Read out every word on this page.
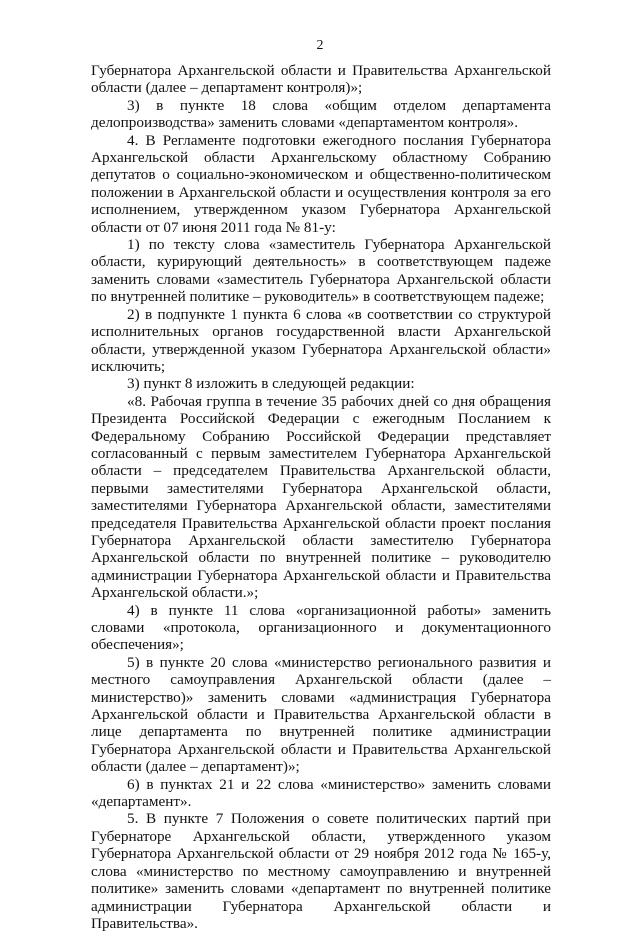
2

Губернатора Архангельской области и Правительства Архангельской области (далее – департамент контроля)»;

3) в пункте 18 слова «общим отделом департамента делопроизводства» заменить словами «департаментом контроля».

4. В Регламенте подготовки ежегодного послания Губернатора Архангельской области Архангельскому областному Собранию депутатов о социально-экономическом и общественно-политическом положении в Архангельской области и осуществления контроля за его исполнением, утвержденном указом Губернатора Архангельской области от 07 июня 2011 года № 81-у:

1) по тексту слова «заместитель Губернатора Архангельской области, курирующий деятельность» в соответствующем падеже заменить словами «заместитель Губернатора Архангельской области по внутренней политике – руководитель» в соответствующем падеже;

2) в подпункте 1 пункта 6 слова «в соответствии со структурой исполнительных органов государственной власти Архангельской области, утвержденной указом Губернатора Архангельской области» исключить;

3) пункт 8 изложить в следующей редакции:

«8. Рабочая группа в течение 35 рабочих дней со дня обращения Президента Российской Федерации с ежегодным Посланием к Федеральному Собранию Российской Федерации представляет согласованный с первым заместителем Губернатора Архангельской области – председателем Правительства Архангельской области, первыми заместителями Губернатора Архангельской области, заместителями Губернатора Архангельской области, заместителями председателя Правительства Архангельской области проект послания Губернатора Архангельской области заместителю Губернатора Архангельской области по внутренней политике – руководителю администрации Губернатора Архангельской области и Правительства Архангельской области.»;

4) в пункте 11 слова «организационной работы» заменить словами «протокола, организационного и документационного обеспечения»;

5) в пункте 20 слова «министерство регионального развития и местного самоуправления Архангельской области (далее – министерство)» заменить словами «администрация Губернатора Архангельской области и Правительства Архангельской области в лице департамента по внутренней политике администрации Губернатора Архангельской области и Правительства Архангельской области (далее – департамент)»;

6) в пунктах 21 и 22 слова «министерство» заменить словами «департамент».

5. В пункте 7 Положения о совете политических партий при Губернаторе Архангельской области, утвержденного указом Губернатора Архангельской области от 29 ноября 2012 года № 165-у, слова «министерство по местному самоуправлению и внутренней политике» заменить словами «департамент по внутренней политике администрации Губернатора Архангельской области и Правительства».
